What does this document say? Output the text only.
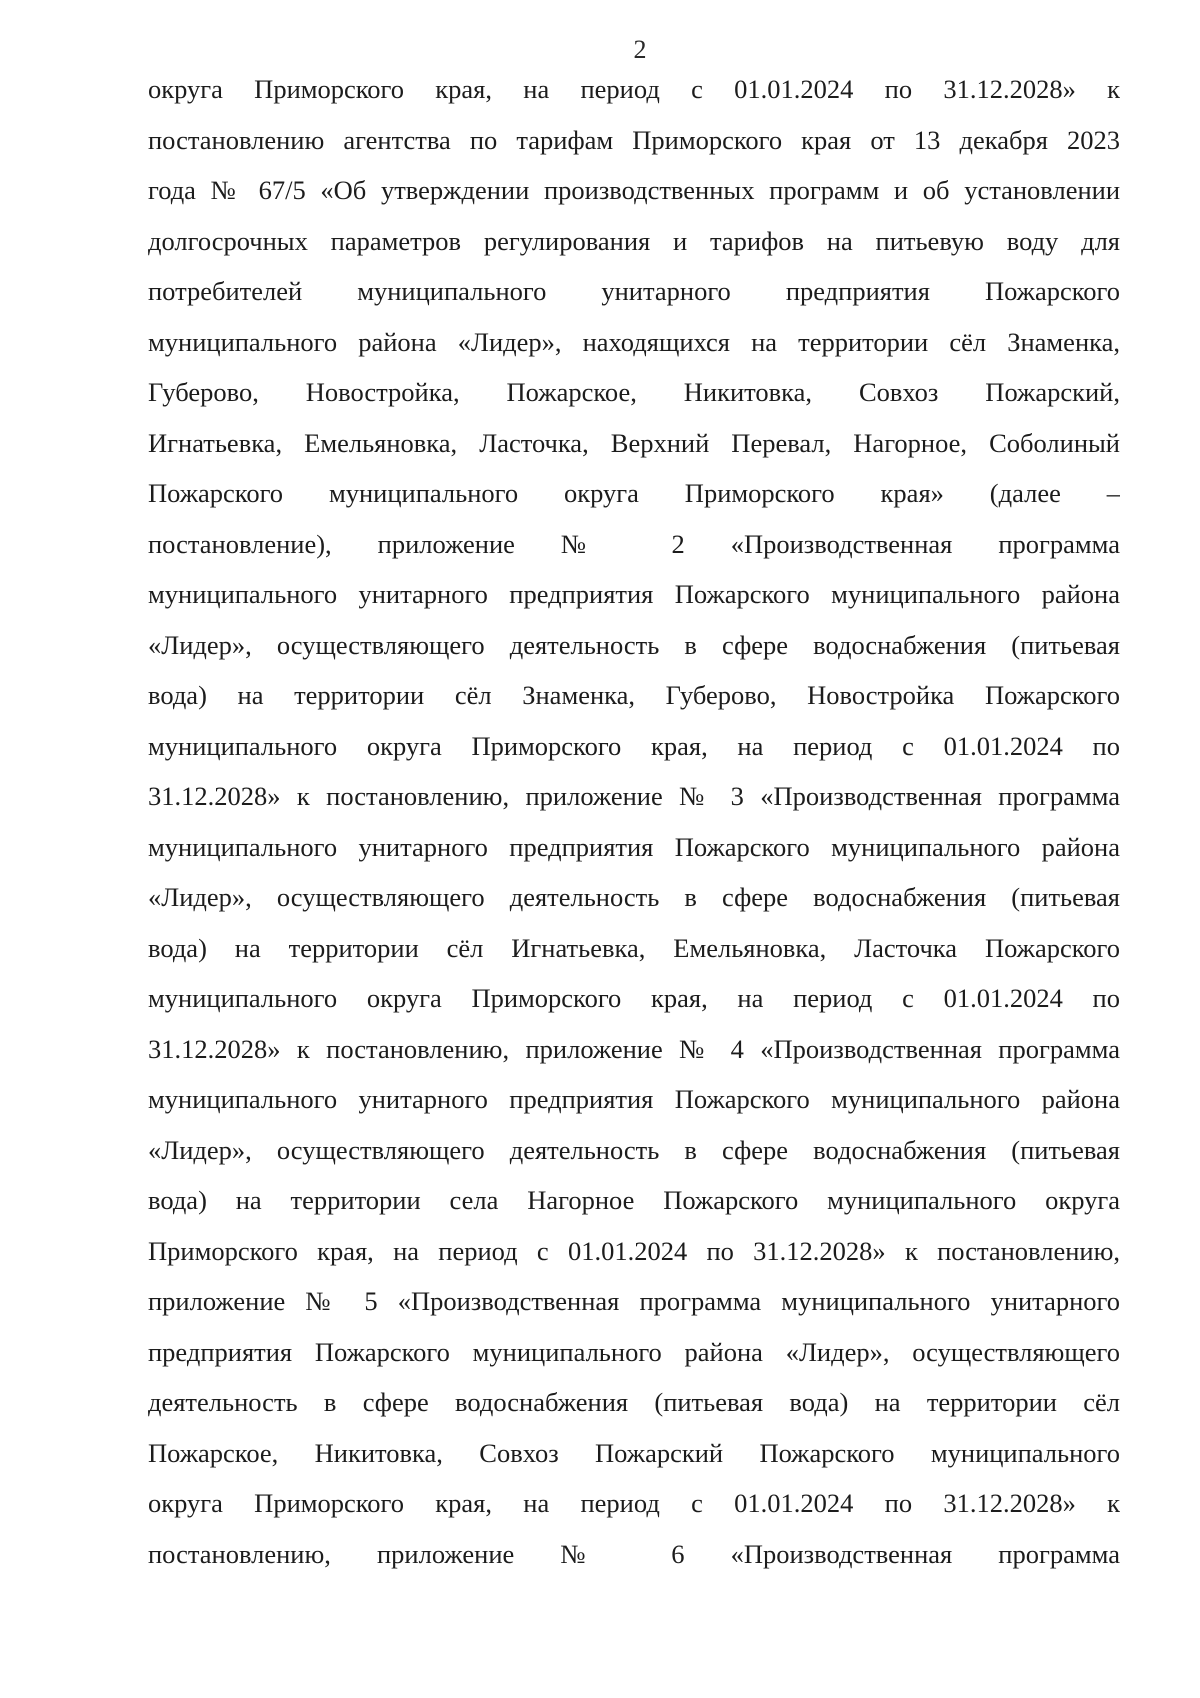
2
округа Приморского края, на период с 01.01.2024 по 31.12.2028» к
постановлению агентства по тарифам Приморского края от 13 декабря 2023
года № 67/5 «Об утверждении производственных программ и об установлении
долгосрочных параметров регулирования и тарифов на питьевую воду для
потребителей муниципального унитарного предприятия Пожарского
муниципального района «Лидер», находящихся на территории сёл Знаменка,
Губерово, Новостройка, Пожарское, Никитовка, Совхоз Пожарский,
Игнатьевка, Емельяновка, Ласточка, Верхний Перевал, Нагорное, Соболиный
Пожарского муниципального округа Приморского края» (далее –
постановление), приложение № 2 «Производственная программа
муниципального унитарного предприятия Пожарского муниципального района
«Лидер», осуществляющего деятельность в сфере водоснабжения (питьевая
вода) на территории сёл Знаменка, Губерово, Новостройка Пожарского
муниципального округа Приморского края, на период с 01.01.2024 по
31.12.2028» к постановлению, приложение № 3 «Производственная программа
муниципального унитарного предприятия Пожарского муниципального района
«Лидер», осуществляющего деятельность в сфере водоснабжения (питьевая
вода) на территории сёл Игнатьевка, Емельяновка, Ласточка Пожарского
муниципального округа Приморского края, на период с 01.01.2024 по
31.12.2028» к постановлению, приложение № 4 «Производственная программа
муниципального унитарного предприятия Пожарского муниципального района
«Лидер», осуществляющего деятельность в сфере водоснабжения (питьевая
вода) на территории села Нагорное Пожарского муниципального округа
Приморского края, на период с 01.01.2024 по 31.12.2028» к постановлению,
приложение № 5 «Производственная программа муниципального унитарного
предприятия Пожарского муниципального района «Лидер», осуществляющего
деятельность в сфере водоснабжения (питьевая вода) на территории сёл
Пожарское, Никитовка, Совхоз Пожарский Пожарского муниципального
округа Приморского края, на период с 01.01.2024 по 31.12.2028» к
постановлению, приложение № 6 «Производственная программа
